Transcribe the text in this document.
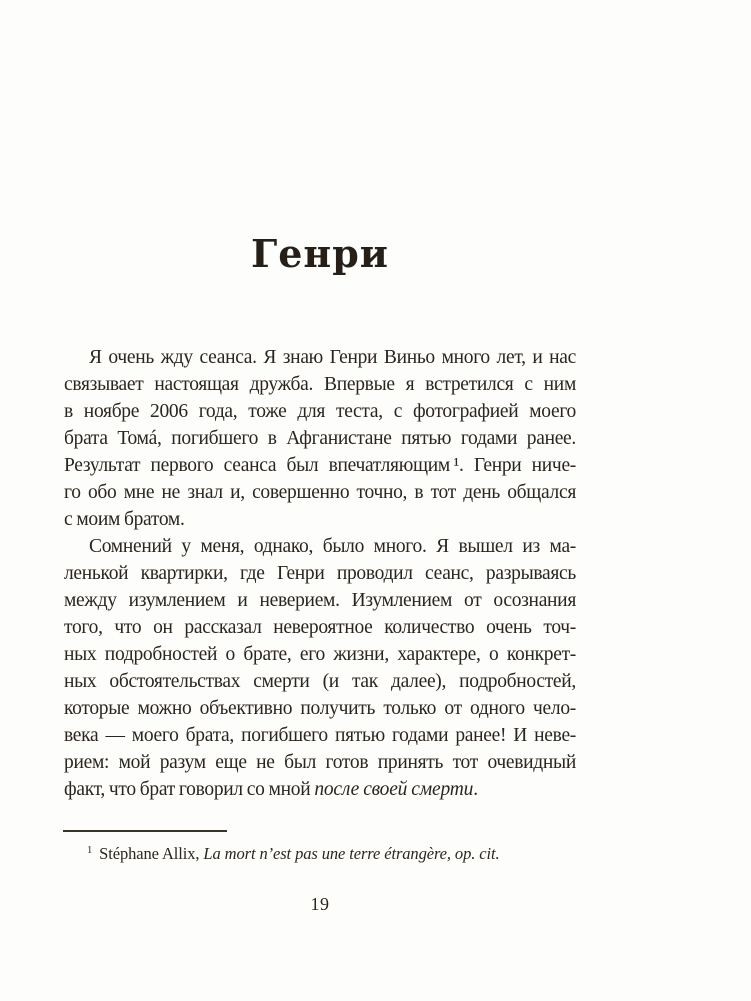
Генри
Я очень жду сеанса. Я знаю Генри Виньо много лет, и нас
связывает настоящая дружба. Впервые я встретился с ним
в ноябре 2006 года, тоже для теста, с фотографией моего
брата Томá, погибшего в Афганистане пятью годами ранее.
Результат первого сеанса был впечатляющим ¹. Генри ниче-
го обо мне не знал и, совершенно точно, в тот день общался
с моим братом.
Сомнений у меня, однако, было много. Я вышел из ма-
ленькой квартирки, где Генри проводил сеанс, разрываясь
между изумлением и неверием. Изумлением от осознания
того, что он рассказал невероятное количество очень точ-
ных подробностей о брате, его жизни, характере, о конкрет-
ных обстоятельствах смерти (и так далее), подробностей,
которые можно объективно получить только от одного чело-
века — моего брата, погибшего пятью годами ранее! И неве-
рием: мой разум еще не был готов принять тот очевидный
факт, что брат говорил со мной после своей смерти.
$^1$ Stéphane Allix, La mort n’est pas une terre étrangère, op. cit.
19
